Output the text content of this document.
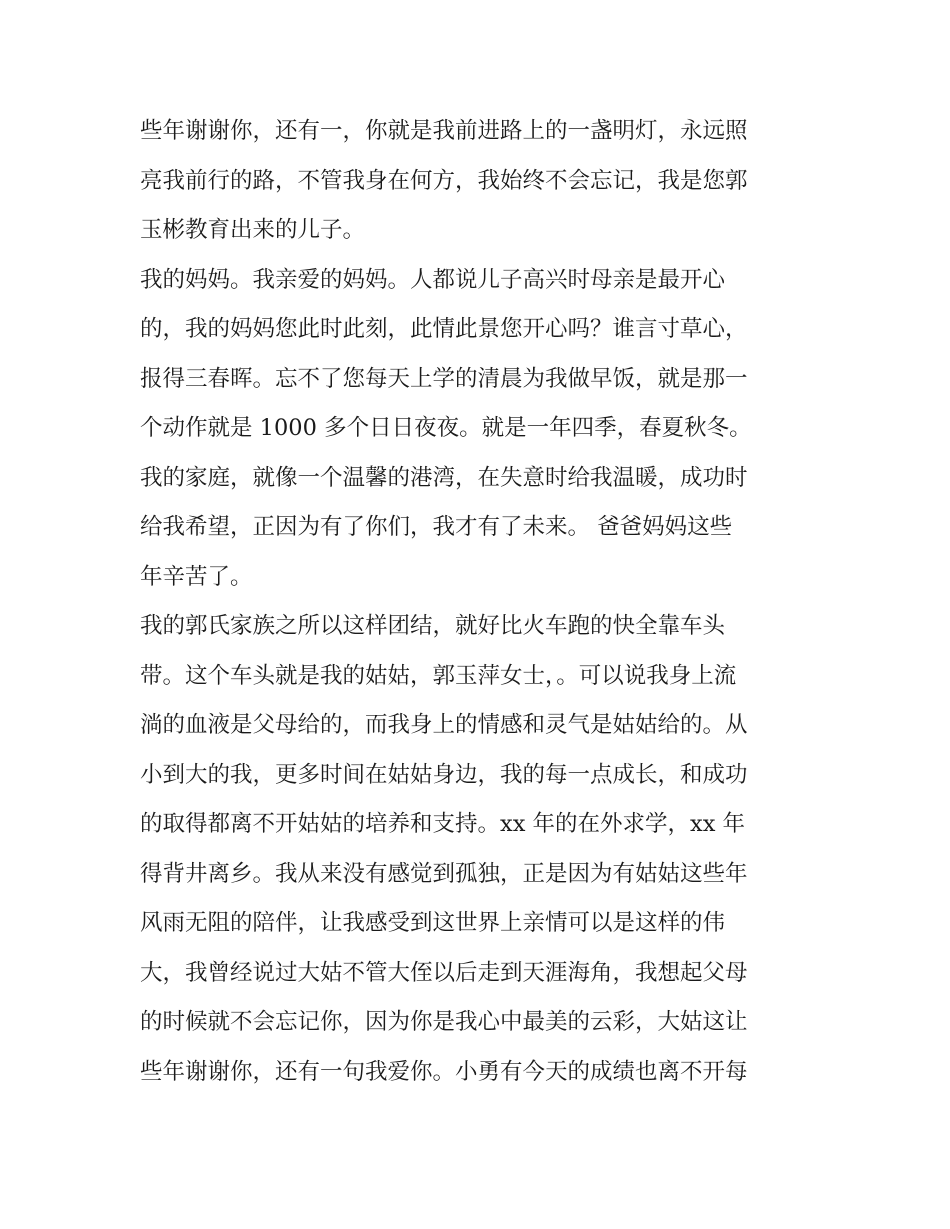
些年谢谢你，还有一，你就是我前进路上的一盏明灯，永远照
亮我前行的路，不管我身在何方，我始终不会忘记，我是您郭
玉彬教育出来的儿子。
我的妈妈。我亲爱的妈妈。人都说儿子高兴时母亲是最开心
的，我的妈妈您此时此刻，此情此景您开心吗？谁言寸草心，
报得三春晖。忘不了您每天上学的清晨为我做早饭，就是那一
个动作就是 1000 多个日日夜夜。就是一年四季，春夏秋冬。
我的家庭，就像一个温馨的港湾，在失意时给我温暖，成功时
给我希望，正因为有了你们，我才有了未来。 爸爸妈妈这些
年辛苦了。
我的郭氏家族之所以这样团结，就好比火车跑的快全靠车头
带。这个车头就是我的姑姑，郭玉萍女士，。可以说我身上流
淌的血液是父母给的，而我身上的情感和灵气是姑姑给的。从
小到大的我，更多时间在姑姑身边，我的每一点成长，和成功
的取得都离不开姑姑的培养和支持。xx 年的在外求学，xx 年
得背井离乡。我从来没有感觉到孤独，正是因为有姑姑这些年
风雨无阻的陪伴，让我感受到这世界上亲情可以是这样的伟
大，我曾经说过大姑不管大侄以后走到天涯海角，我想起父母
的时候就不会忘记你，因为你是我心中最美的云彩，大姑这让
些年谢谢你，还有一句我爱你。小勇有今天的成绩也离不开每
